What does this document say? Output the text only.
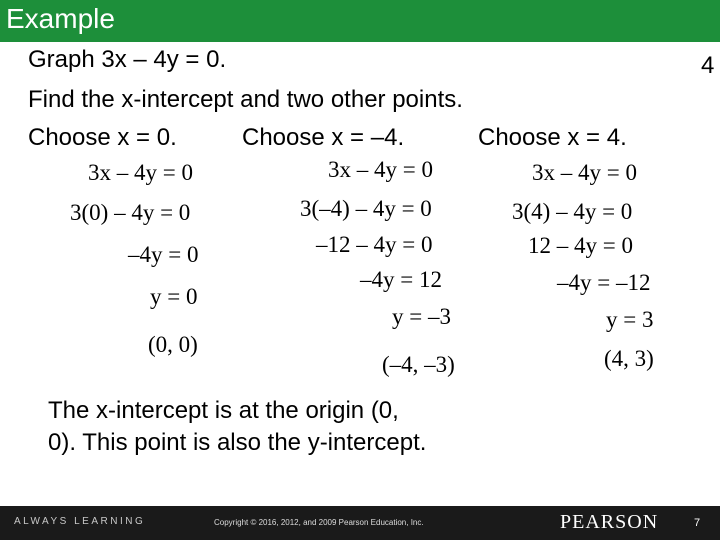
Example
Graph 3x – 4y = 0.	4
Find the x-intercept and two other points.
Choose x = 0.	Choose x = –4.	Choose x = 4.
3x – 4y = 0
3(0) – 4y = 0
–4y = 0
y = 0
(0, 0)
3x – 4y = 0
3(–4) – 4y = 0
–12 – 4y = 0
–4y = 12
y = –3
(–4, –3)
3x – 4y = 0
3(4) – 4y = 0
12 – 4y = 0
–4y = –12
y = 3
(4, 3)
The x-intercept is at the origin (0, 0). This point is also the y-intercept.
ALWAYS LEARNING	Copyright © 2016, 2012, and 2009 Pearson Education, Inc.	PEARSON	7
